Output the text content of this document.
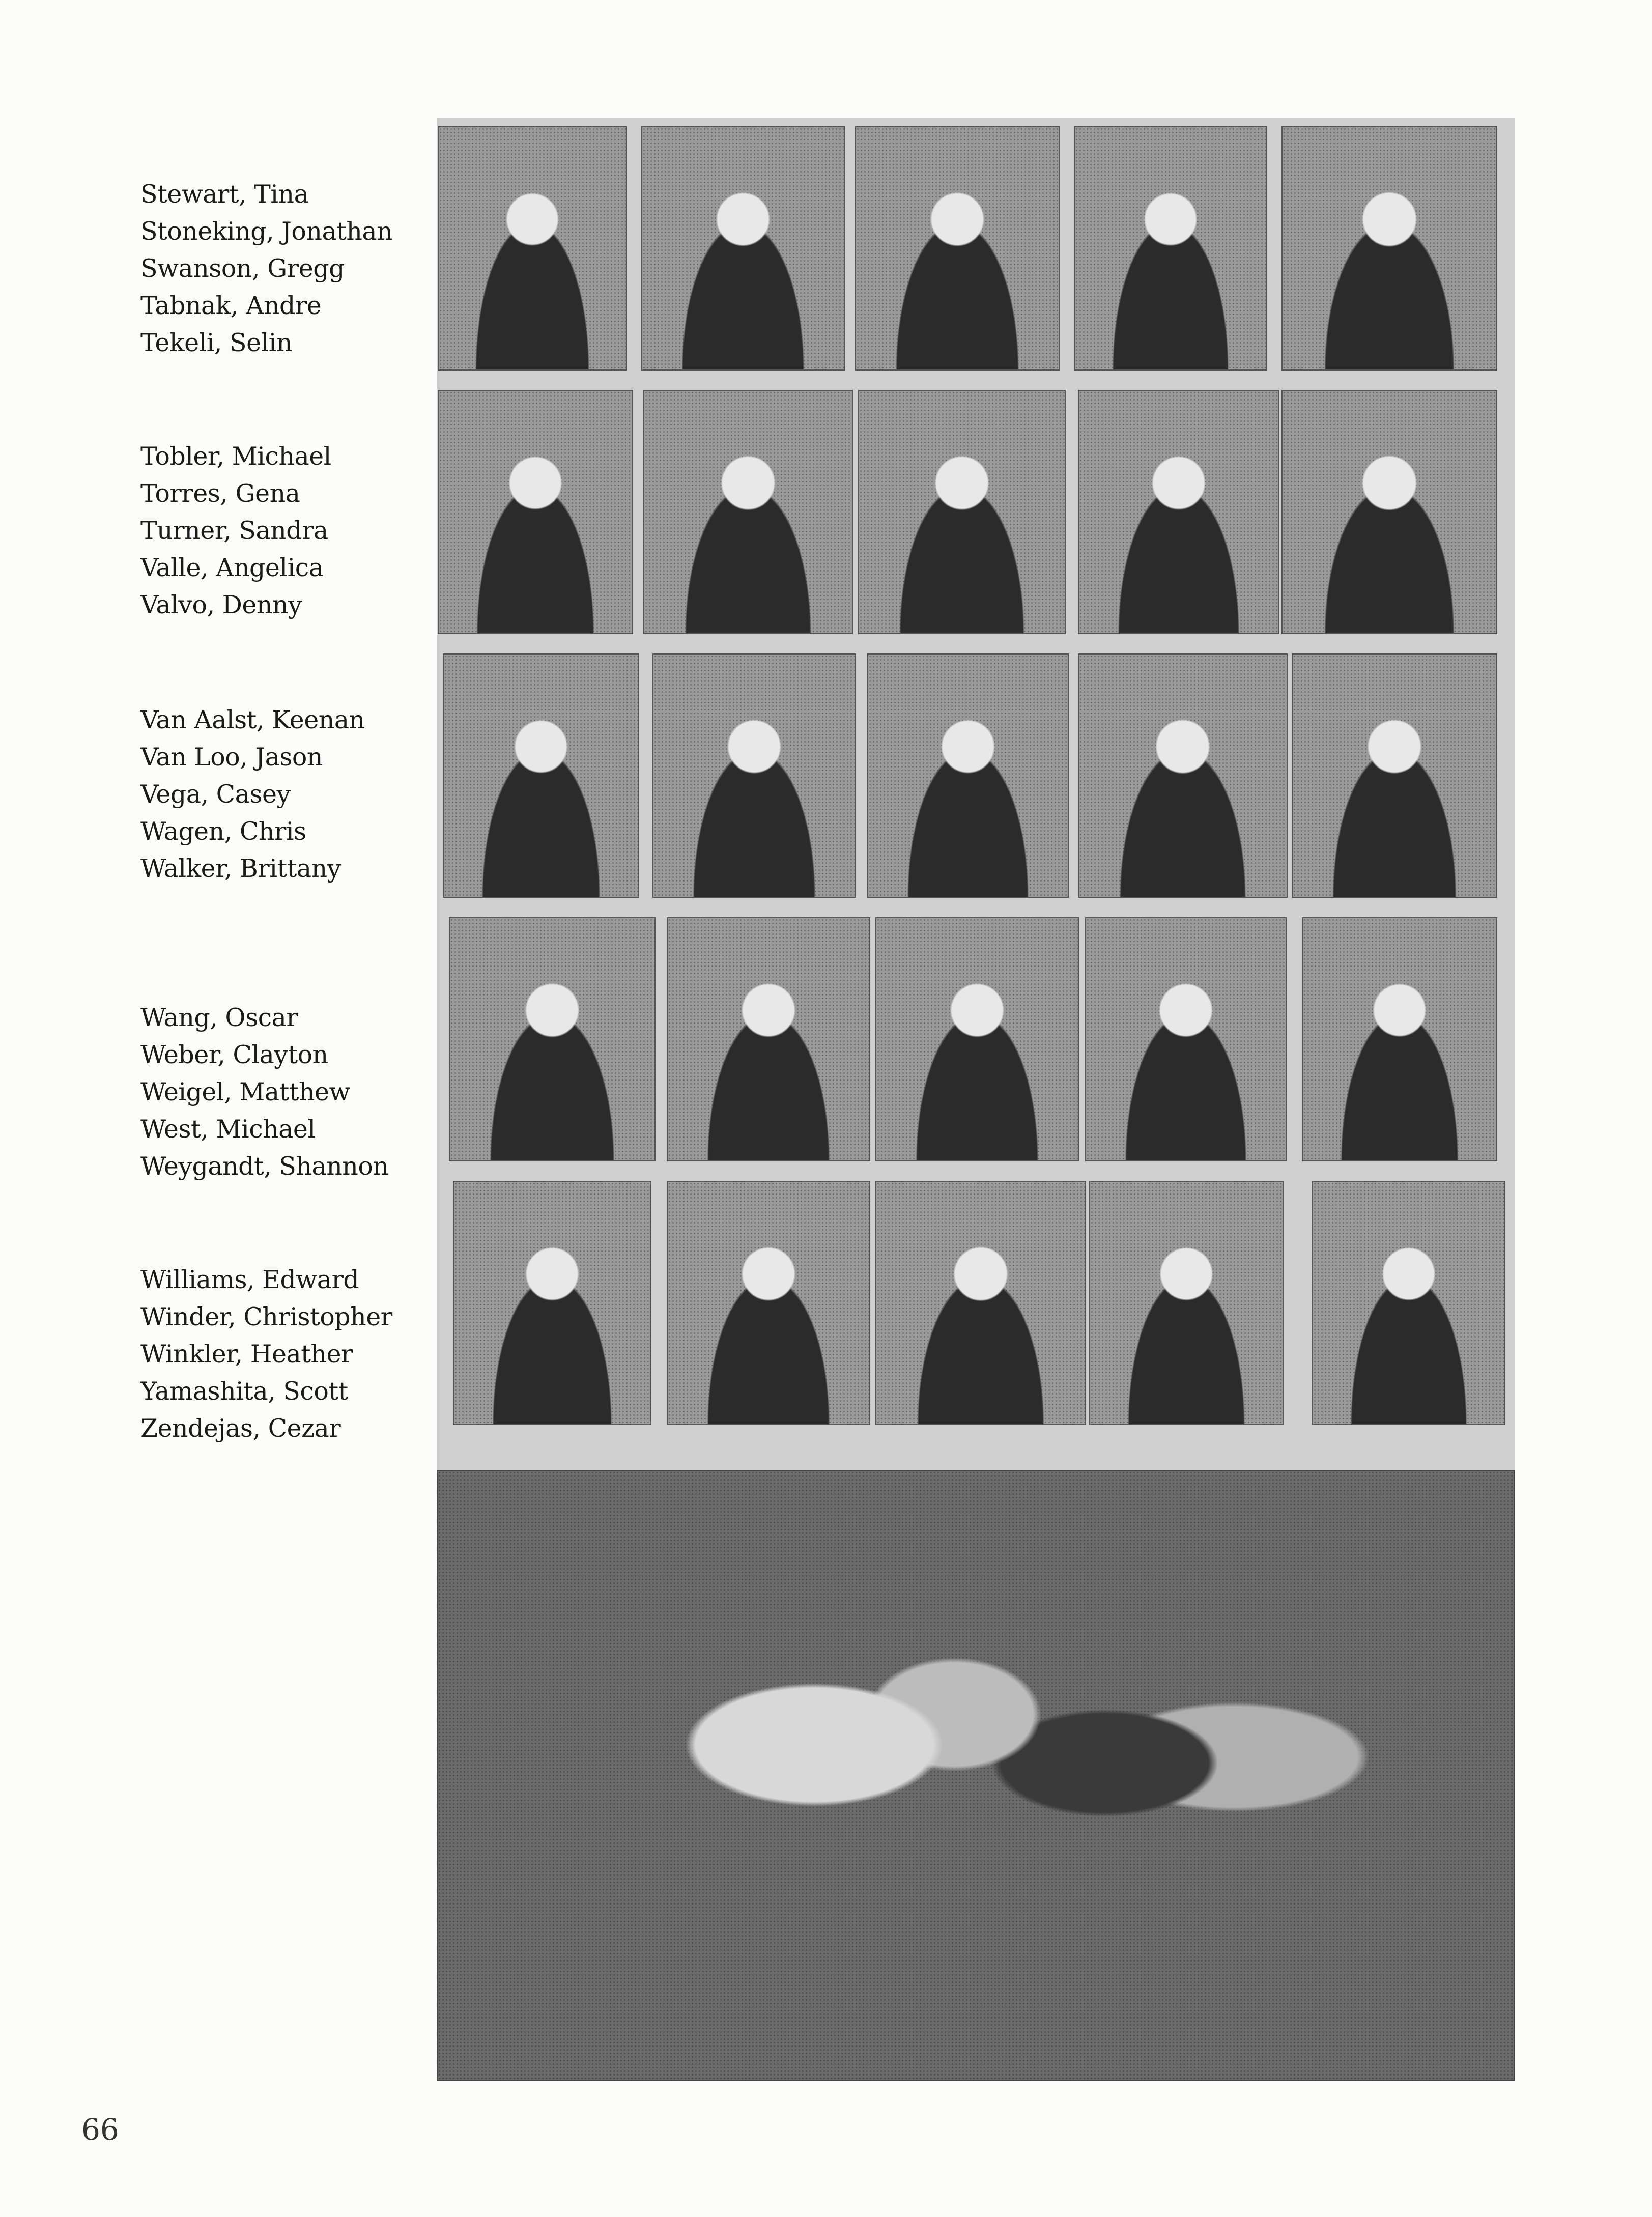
Stewart, Tina
Stoneking, Jonathan
Swanson, Gregg
Tabnak, Andre
Tekeli, Selin
Tobler, Michael
Torres, Gena
Turner, Sandra
Valle, Angelica
Valvo, Denny
Van Aalst, Keenan
Van Loo, Jason
Vega, Casey
Wagen, Chris
Walker, Brittany
Wang, Oscar
Weber, Clayton
Weigel, Matthew
West, Michael
Weygandt, Shannon
Williams, Edward
Winder, Christopher
Winkler, Heather
Yamashita, Scott
Zendejas, Cezar
66
